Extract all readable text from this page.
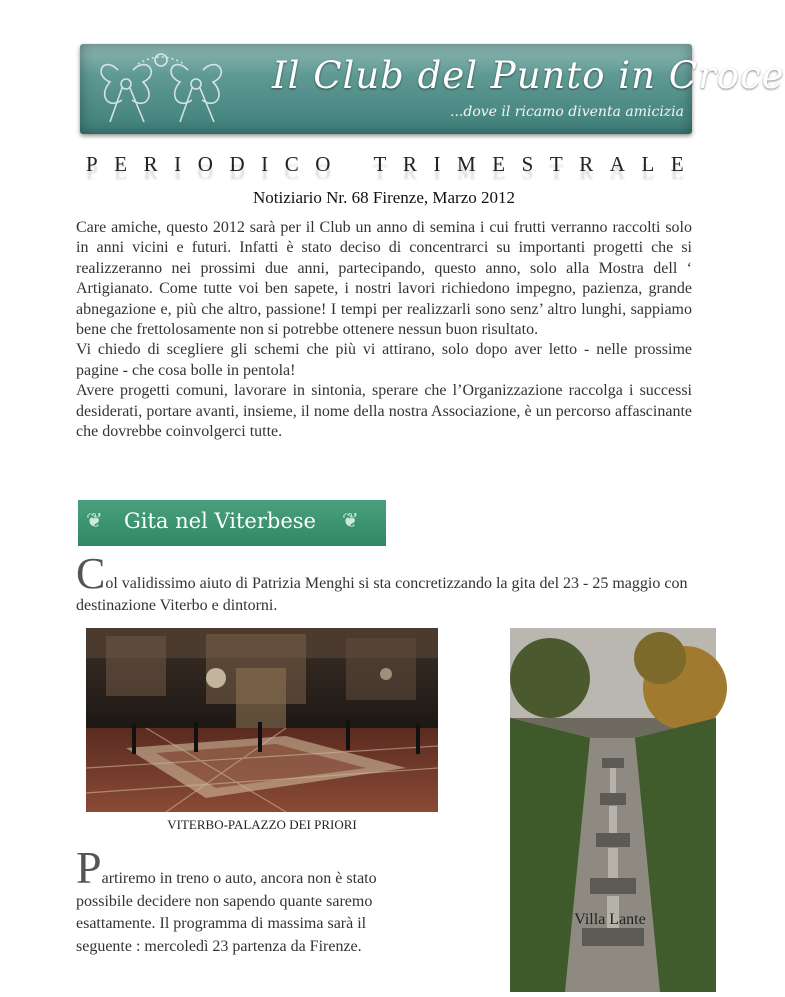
Il Club del Punto in Croce
...dove il ricamo diventa amicizia
P E R I O D I C O T R I M E S T R A L E
Notiziario Nr. 68 Firenze, Marzo 2012

Care amiche, questo 2012 sarà per il Club un anno di semina i cui frutti verranno raccolti solo in anni vicini e futuri. Infatti è stato deciso di concentrarci su importanti progetti che si realizzeranno nei prossimi due anni, partecipando, questo anno, solo alla Mostra dell ‘ Artigianato. Come tutte voi ben sapete, i nostri lavori richiedono impegno, pazienza, grande abnegazione e, più che altro, passione! I tempi per realizzarli sono senz’ altro lunghi, sappiamo bene che frettolosamente non si potrebbe ottenere nessun buon risultato.

Vi chiedo di scegliere gli schemi che più vi attirano, solo dopo aver letto - nelle prossime pagine - che cosa bolle in pentola!

Avere progetti comuni, lavorare in sintonia, sperare che l’Organizzazione raccolga i successi desiderati, portare avanti, insieme, il nome della nostra Associazione, è un percorso affascinante che dovrebbe coinvolgerci tutte.

❦ Gita nel Viterbese ❦
Col validissimo aiuto di Patrizia Menghi si sta concretizzando la gita del 23 - 25 maggio con destinazione Viterbo e dintorni.
VITERBO-PALAZZO DEI PRIORI
Villa Lante
Partiremo in treno o auto, ancora non è stato possibile decidere non sapendo quante saremo esattamente. Il programma di massima sarà il seguente : mercoledì 23 partenza da Firenze.
